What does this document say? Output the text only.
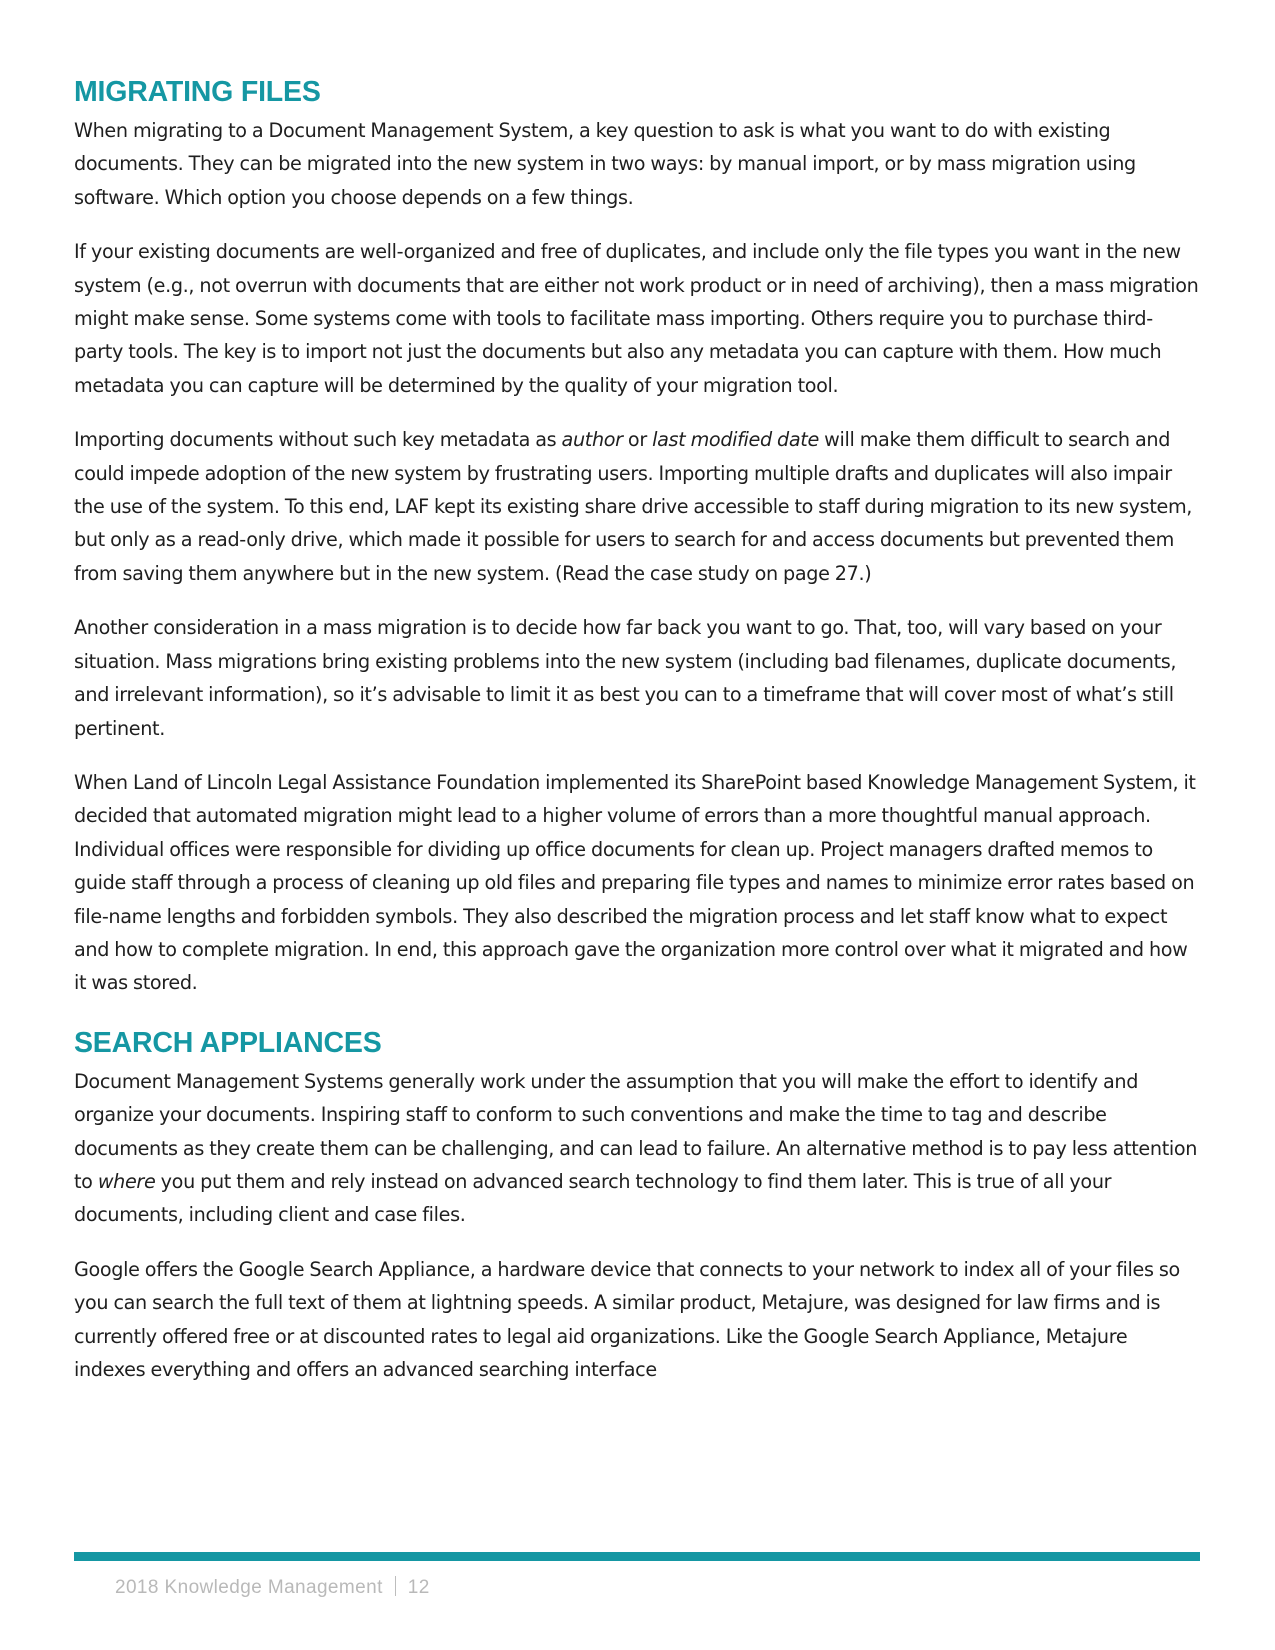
MIGRATING FILES

When migrating to a Document Management System, a key question to ask is what you want to do with existing documents. They can be migrated into the new system in two ways: by manual import, or by mass migration using software. Which option you choose depends on a few things.

If your existing documents are well-organized and free of duplicates, and include only the file types you want in the new system (e.g., not overrun with documents that are either not work product or in need of archiving), then a mass migration might make sense. Some systems come with tools to facilitate mass importing. Others require you to purchase third-party tools. The key is to import not just the documents but also any metadata you can capture with them. How much metadata you can capture will be determined by the quality of your migration tool.

Importing documents without such key metadata as author or last modified date will make them difficult to search and could impede adoption of the new system by frustrating users. Importing multiple drafts and duplicates will also impair the use of the system. To this end, LAF kept its existing share drive accessible to staff during migration to its new system, but only as a read-only drive, which made it possible for users to search for and access documents but prevented them from saving them anywhere but in the new system. (Read the case study on page 27.)

Another consideration in a mass migration is to decide how far back you want to go. That, too, will vary based on your situation. Mass migrations bring existing problems into the new system (including bad filenames, duplicate documents, and irrelevant information), so it’s advisable to limit it as best you can to a timeframe that will cover most of what’s still pertinent.

When Land of Lincoln Legal Assistance Foundation implemented its SharePoint based Knowledge Management System, it decided that automated migration might lead to a higher volume of errors than a more thoughtful manual approach. Individual offices were responsible for dividing up office documents for clean up. Project managers drafted memos to guide staff through a process of cleaning up old files and preparing file types and names to minimize error rates based on file-name lengths and forbidden symbols. They also described the migration process and let staff know what to expect and how to complete migration. In end, this approach gave the organization more control over what it migrated and how it was stored.

SEARCH APPLIANCES

Document Management Systems generally work under the assumption that you will make the effort to identify and organize your documents. Inspiring staff to conform to such conventions and make the time to tag and describe documents as they create them can be challenging, and can lead to failure. An alternative method is to pay less attention to where you put them and rely instead on advanced search technology to find them later. This is true of all your documents, including client and case files.

Google offers the Google Search Appliance, a hardware device that connects to your network to index all of your files so you can search the full text of them at lightning speeds. A similar product, Metajure, was designed for law firms and is currently offered free or at discounted rates to legal aid organizations. Like the Google Search Appliance, Metajure indexes everything and offers an advanced searching interface

2018 Knowledge Management 12
